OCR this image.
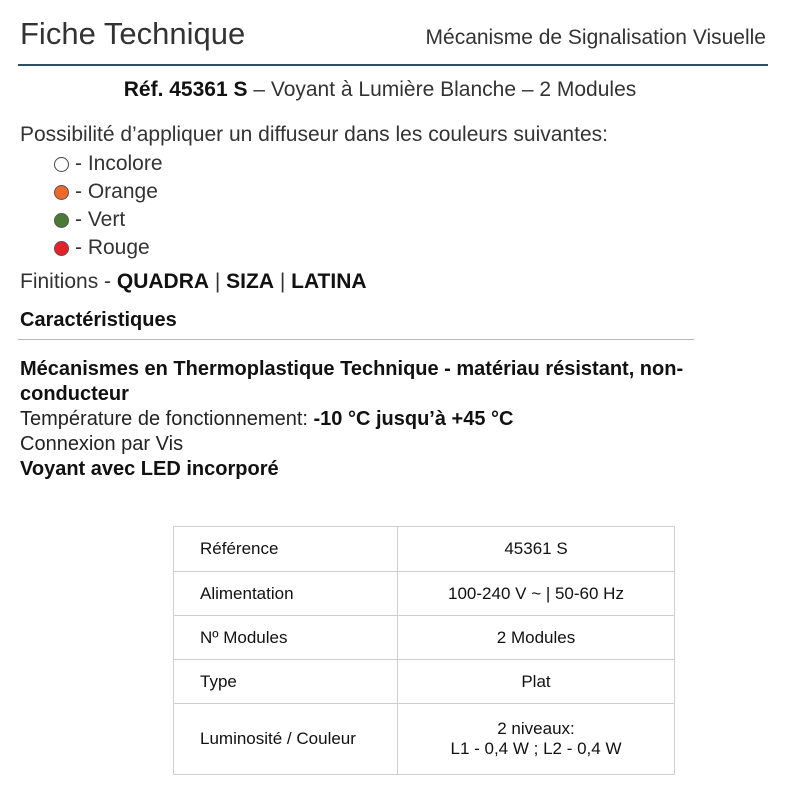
Fiche Technique	Mécanisme de Signalisation Visuelle
Réf. 45361 S – Voyant à Lumière Blanche – 2 Modules
Possibilité d’appliquer un diffuseur dans les couleurs suivantes:
- Incolore
- Orange
- Vert
- Rouge
Finitions - QUADRA | SIZA | LATINA
Caractéristiques
Mécanismes en Thermoplastique Technique - matériau résistant, non-conducteur
Température de fonctionnement: -10 °C jusqu’à +45 °C
Connexion par Vis
Voyant avec LED incorporé
Référence	45361 S
Alimentation	100-240 V ~ | 50-60 Hz
Nº Modules	2 Modules
Type	Plat
Luminosité / Couleur	2 niveaux:
L1 - 0,4 W ; L2 - 0,4 W
